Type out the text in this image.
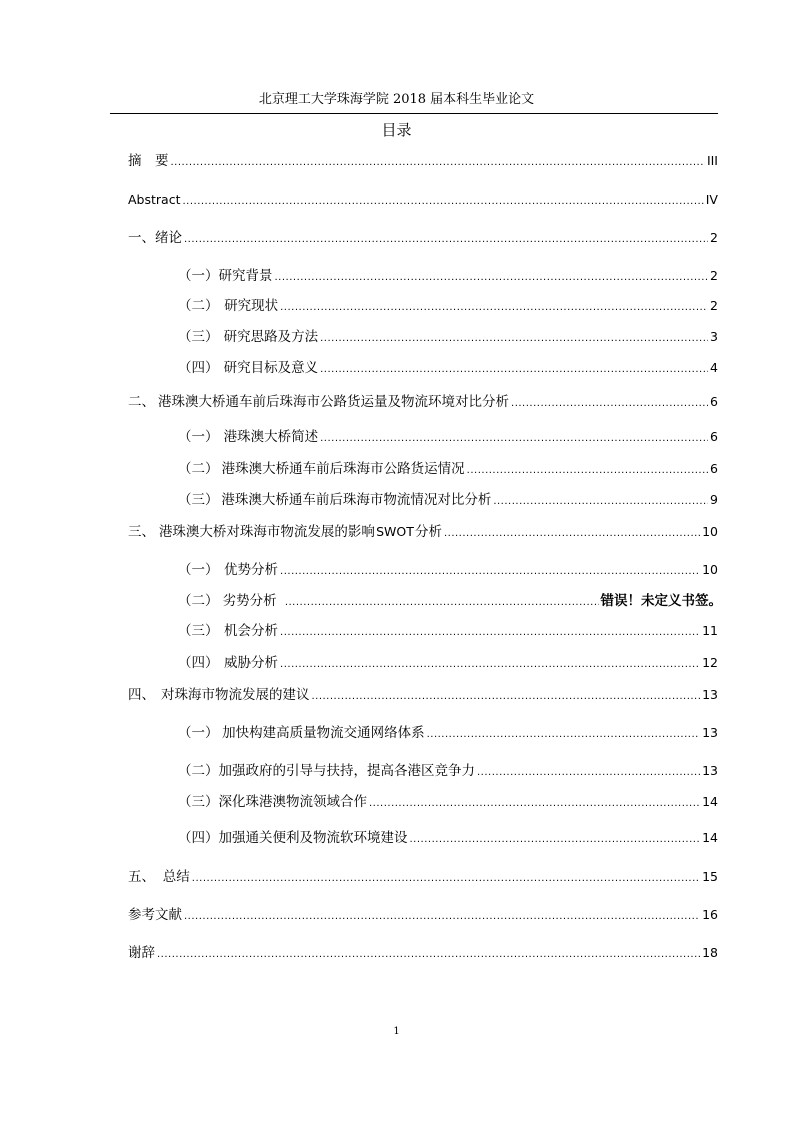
北京理工大学珠海学院 2018 届本科生毕业论文
目录
摘　要 .....	III
Abstract .....	IV
一、绪论 .....	2
（一）研究背景 .....	2
（二） 研究现状 .....	2
（三） 研究思路及方法 .....	3
（四） 研究目标及意义 .....	4
二、 港珠澳大桥通车前后珠海市公路货运量及物流环境对比分析 .....	6
（一） 港珠澳大桥简述 .....	6
（二） 港珠澳大桥通车前后珠海市公路货运情况 .....	6
（三） 港珠澳大桥通车前后珠海市物流情况对比分析 .....	9
三、 港珠澳大桥对珠海市物流发展的影响 SWOT 分析 .....	10
（一） 优势分析 .....	10
（二） 劣势分析 .....	错误！未定义书签。
（三） 机会分析 .....	11
（四） 威胁分析 .....	12
四、 对珠海市物流发展的建议 .....	13
（一） 加快构建高质量物流交通网络体系 .....	13
（二）加强政府的引导与扶持，提高各港区竞争力 .....	13
（三）深化珠港澳物流领域合作 .....	14
（四）加强通关便利及物流软环境建设 .....	14
五、 总结 .....	15
参考文献 .....	16
谢辞 .....	18
1
